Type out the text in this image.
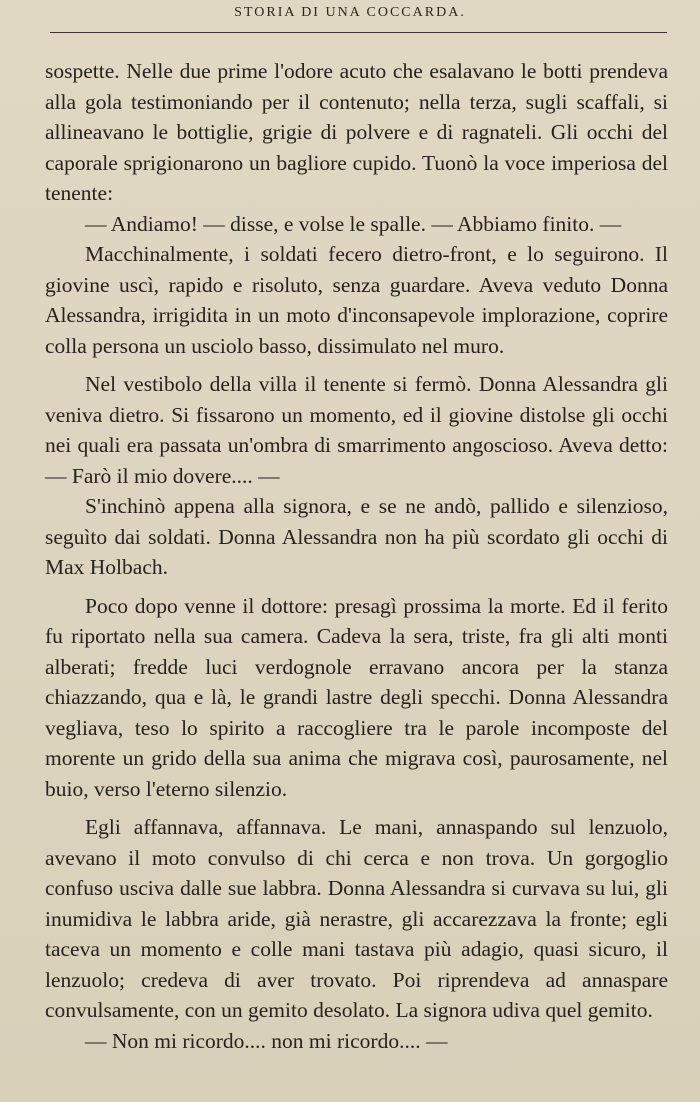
STORIA DI UNA COCCARDA.

sospette. Nelle due prime l'odore acuto che esalavano le botti prendeva alla gola testimoniando per il contenuto; nella terza, sugli scaffali, si allineavano le bottiglie, grigie di polvere e di ragnateli. Gli occhi del caporale sprigionarono un bagliore cupido. Tuonò la voce imperiosa del tenente:

— Andiamo! — disse, e volse le spalle. — Abbiamo finito. —

Macchinalmente, i soldati fecero dietro-front, e lo seguirono. Il giovine uscì, rapido e risoluto, senza guardare. Aveva veduto Donna Alessandra, irrigidita in un moto d'inconsapevole implorazione, coprire colla persona un usciolo basso, dissimulato nel muro.

Nel vestibolo della villa il tenente si fermò. Donna Alessandra gli veniva dietro. Si fissarono un momento, ed il giovine distolse gli occhi nei quali era passata un'ombra di smarrimento angoscioso. Aveva detto: — Farò il mio dovere.... —

S'inchinò appena alla signora, e se ne andò, pallido e silenzioso, seguìto dai soldati. Donna Alessandra non ha più scordato gli occhi di Max Holbach.

Poco dopo venne il dottore: presagì prossima la morte. Ed il ferito fu riportato nella sua camera. Cadeva la sera, triste, fra gli alti monti alberati; fredde luci verdognole erravano ancora per la stanza chiazzando, qua e là, le grandi lastre degli specchi. Donna Alessandra vegliava, teso lo spirito a raccogliere tra le parole incomposte del morente un grido della sua anima che migrava così, paurosamente, nel buio, verso l'eterno silenzio.

Egli affannava, affannava. Le mani, annaspando sul lenzuolo, avevano il moto convulso di chi cerca e non trova. Un gorgoglio confuso usciva dalle sue labbra. Donna Alessandra si curvava su lui, gli inumidiva le labbra aride, già nerastre, gli accarezzava la fronte; egli taceva un momento e colle mani tastava più adagio, quasi sicuro, il lenzuolo; credeva di aver trovato. Poi riprendeva ad annaspare convulsamente, con un gemito desolato. La signora udiva quel gemito.

— Non mi ricordo.... non mi ricordo.... —
